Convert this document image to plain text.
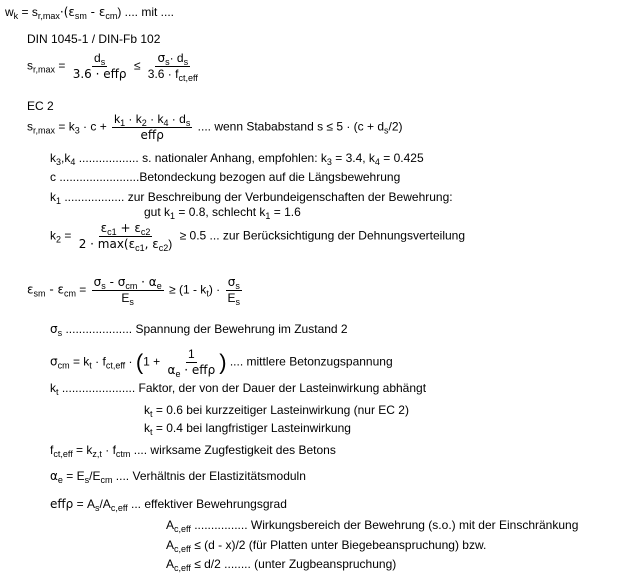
$w_k = s_{r,max}\cdot(\varepsilon_{sm} - \varepsilon_{cm})$ .... mit ....
DIN 1045-1 / DIN-Fb 102
$s_{r,max} = \frac{d_s}{\text{3.6 · effρ}} \le \frac{\sigma_s\cdot d_s}{3.6 \cdot f_{ct,eff}}$
EC 2
$s_{r,max} = k_3 \cdot c + \frac{k_1 \cdot k_2 \cdot k_4 \cdot d_s}{\text{effρ}}$ .... wenn Stababstand $s \le 5 \cdot (c + d_s/2)$
$k_3,k_4$ .................. s. nationaler Anhang, empfohlen: $k_3 = 3.4$, $k_4 = 0.425$
c ........................Betondeckung bezogen auf die Längsbewehrung
$k_1$ .................. zur Beschreibung der Verbundeigenschaften der Bewehrung:
gut $k_1 = 0.8$, schlecht $k_1 = 1.6$
$k_2 = \frac{\varepsilon_{c1} + \varepsilon_{c2}}{2 \cdot \max(\varepsilon_{c1}, \varepsilon_{c2})} \ge 0.5$ ... zur Berücksichtigung der Dehnungsverteilung
$\varepsilon_{sm} - \varepsilon_{cm} = \frac{\sigma_s - \sigma_{cm} \cdot \alpha_e}{E_s} \ge (1 - k_t) \cdot \frac{\sigma_s}{E_s}$
$\sigma_s$ .................... Spannung der Bewehrung im Zustand 2
$\sigma_{cm} = k_t \cdot f_{ct,eff} \cdot (1 + \frac{1}{\alpha_e \cdot eff\rho}$ ) .... mittlere Betonzugspannung
$k_t$ ...................... Faktor, der von der Dauer der Lasteinwirkung abhängt
$k_t = 0.6$ bei kurzzeitiger Lasteinwirkung (nur EC 2)
$k_t = 0.4$ bei langfristiger Lasteinwirkung
$f_{ct,eff} = k_{z,t} \cdot f_{ctm}$ .... wirksame Zugfestigkeit des Betons
$\alpha_e = E_s/E_{cm}$ .... Verhältnis der Elastizitätsmoduln
$eff\rho = A_s/A_{c,eff}$ ... effektiver Bewehrungsgrad
$A_{c,eff}$ ................ Wirkungsbereich der Bewehrung (s.o.) mit der Einschränkung
$A_{c,eff} \le (d - x)/2$ (für Platten unter Biegebeanspruchung) bzw.
$A_{c,eff} \le d/2$ ........ (unter Zugbeanspruchung)
